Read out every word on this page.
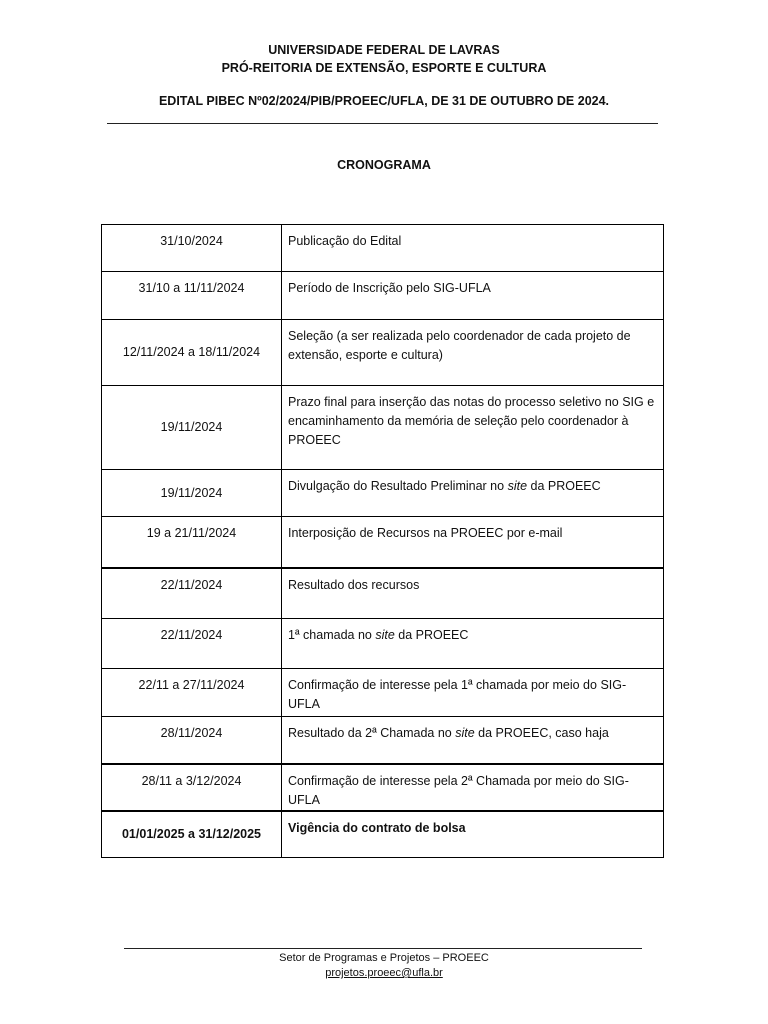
UNIVERSIDADE FEDERAL DE LAVRAS
PRÓ-REITORIA DE EXTENSÃO, ESPORTE E CULTURA
EDITAL PIBEC Nº02/2024/PIB/PROEEC/UFLA, DE 31 DE OUTUBRO DE 2024.
CRONOGRAMA
31/10/2024	Publicação do Edital

31/10 a 11/11/2024	Período de Inscrição pelo SIG-UFLA

12/11/2024 a 18/11/2024	Seleção (a ser realizada pelo coordenador de cada projeto de extensão, esporte e cultura)

19/11/2024	Prazo final para inserção das notas do processo seletivo no SIG e encaminhamento da memória de seleção pelo coordenador à PROEEC

19/11/2024	Divulgação do Resultado Preliminar no site da PROEEC

19 a 21/11/2024	Interposição de Recursos na PROEEC por e-mail

22/11/2024	Resultado dos recursos

22/11/2024	1ª chamada no site da PROEEC

22/11 a 27/11/2024	Confirmação de interesse pela 1ª chamada por meio do SIG-UFLA

28/11/2024	Resultado da 2ª Chamada no site da PROEEC, caso haja

28/11 a 3/12/2024	Confirmação de interesse pela 2ª Chamada por meio do SIG-UFLA

01/01/2025 a 31/12/2025	Vigência do contrato de bolsa
Setor de Programas e Projetos – PROEEC
projetos.proeec@ufla.br
